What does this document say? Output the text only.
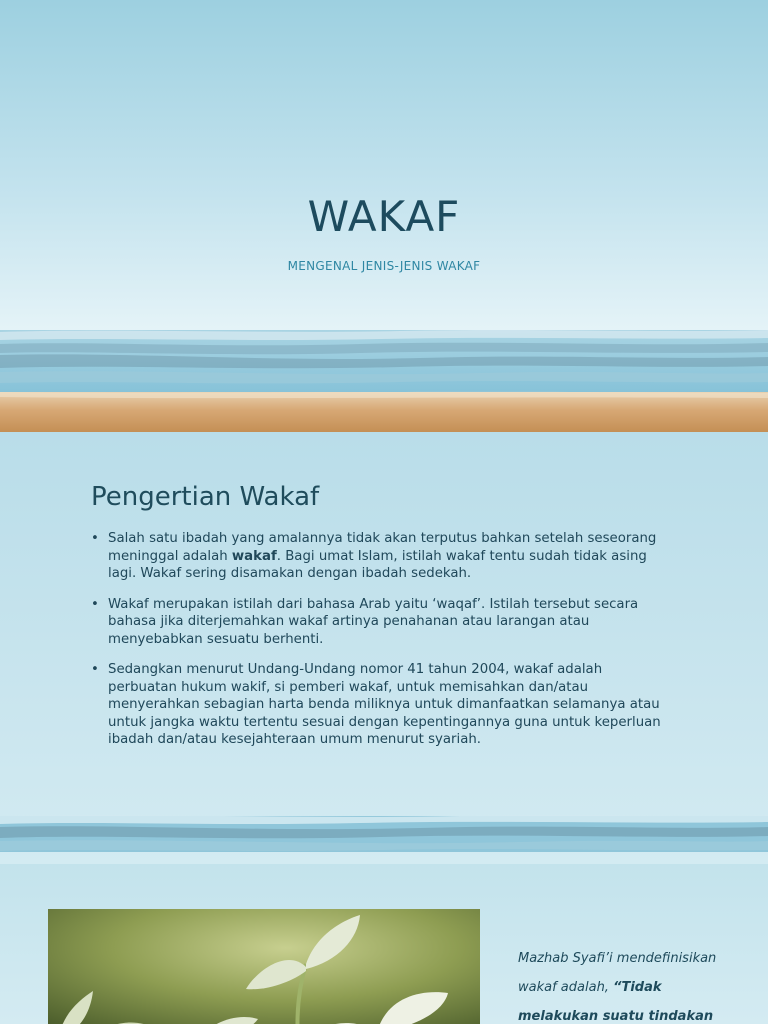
WAKAF
MENGENAL JENIS-JENIS WAKAF
Pengertian Wakaf
• Salah satu ibadah yang amalannya tidak akan terputus bahkan setelah seseorang meninggal adalah wakaf. Bagi umat Islam, istilah wakaf tentu sudah tidak asing lagi. Wakaf sering disamakan dengan ibadah sedekah.
• Wakaf merupakan istilah dari bahasa Arab yaitu ‘waqaf’. Istilah tersebut secara bahasa jika diterjemahkan wakaf artinya penahanan atau larangan atau menyebabkan sesuatu berhenti.
• Sedangkan menurut Undang-Undang nomor 41 tahun 2004, wakaf adalah perbuatan hukum wakif, si pemberi wakaf, untuk memisahkan dan/atau menyerahkan sebagian harta benda miliknya untuk dimanfaatkan selamanya atau untuk jangka waktu tertentu sesuai dengan kepentingannya guna untuk keperluan ibadah dan/atau kesejahteraan umum menurut syariah.
Mazhab Syafi’i mendefinisikan
wakaf adalah, “Tidak
melakukan suatu tindakan
